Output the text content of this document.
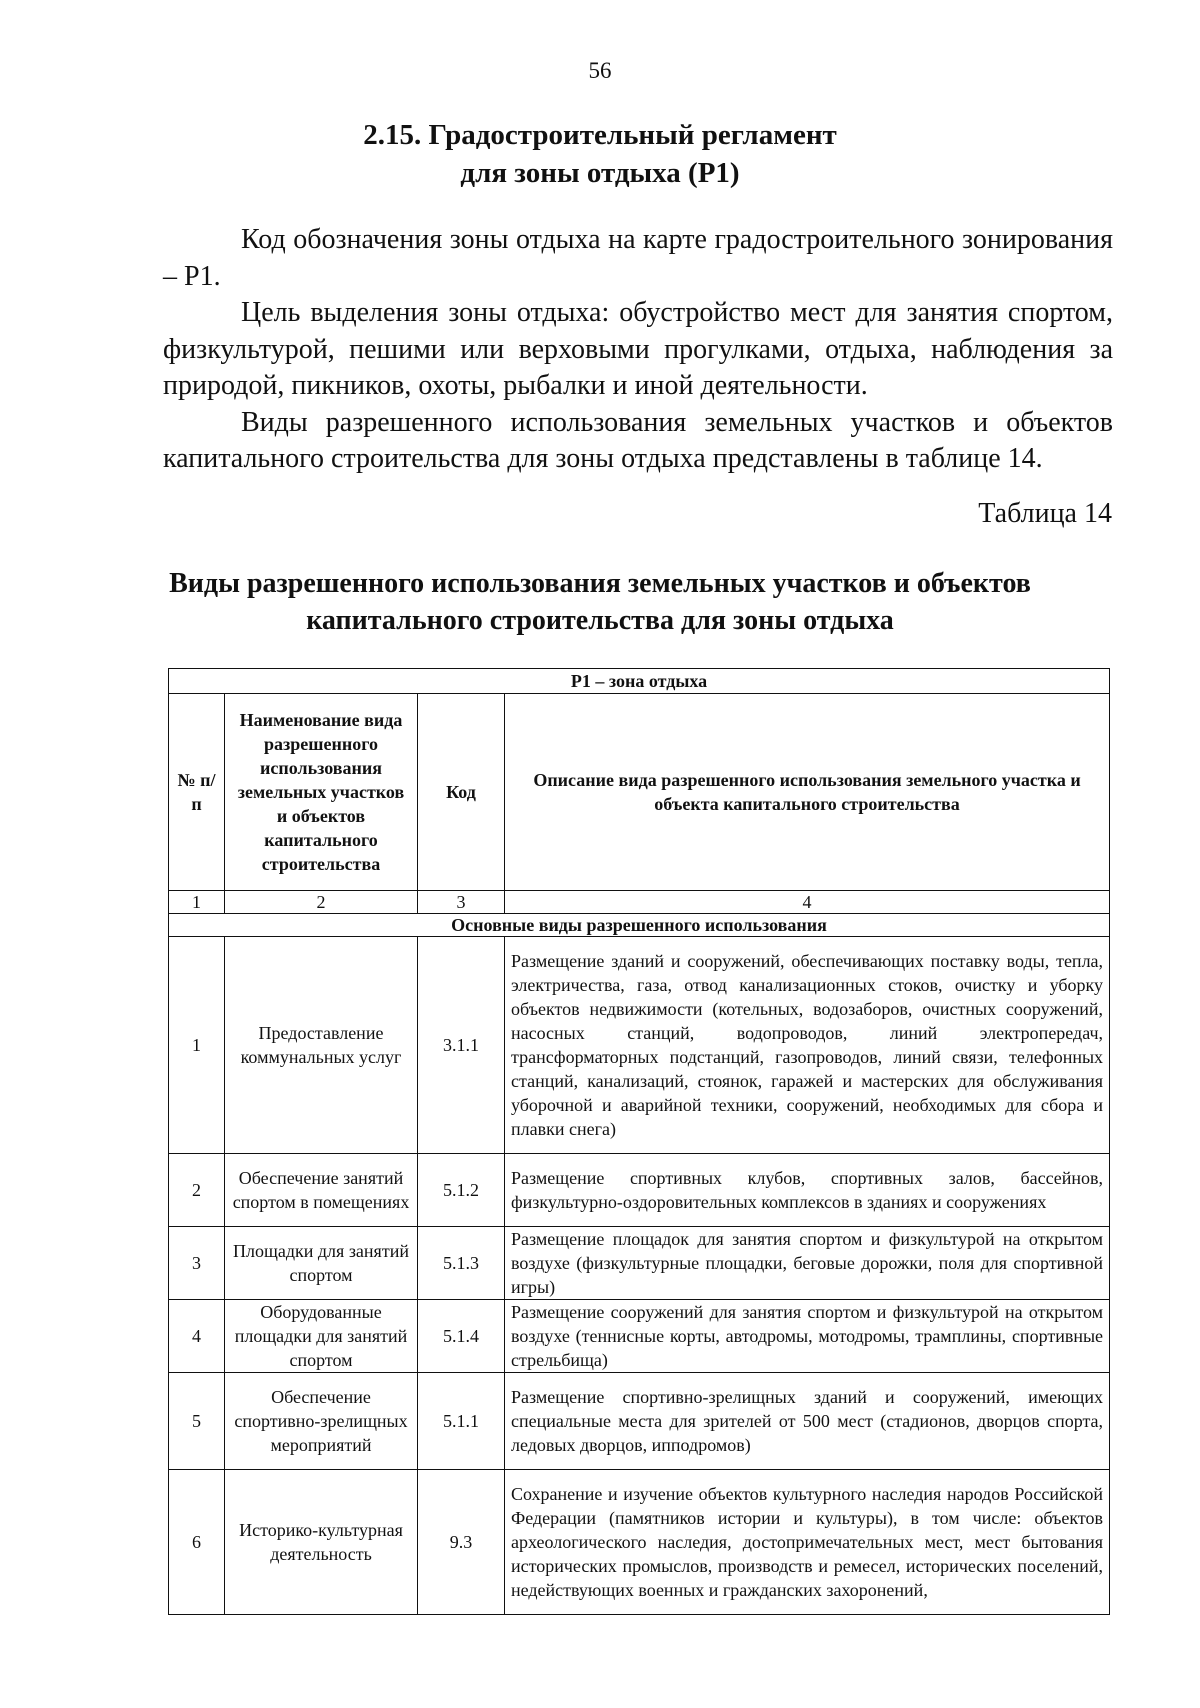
56
2.15. Градостроительный регламент
для зоны отдыха (Р1)

Код обозначения зоны отдыха на карте градостроительного зонирования – Р1.

Цель выделения зоны отдыха: обустройство мест для занятия спортом, физкультурой, пешими или верховыми прогулками, отдыха, наблюдения за природой, пикников, охоты, рыбалки и иной деятельности.

Виды разрешенного использования земельных участков и объектов капитального строительства для зоны отдыха представлены в таблице 14.

Таблица 14
Виды разрешенного использования земельных участков и объектов
капитального строительства для зоны отдыха
Р1 – зона отдыха			
№ п/п	Наименование вида разрешенного использования земельных участков и объектов капитального строительства	Код	Описание вида разрешенного использования земельного участка и объекта капитального строительства
1	2	3	4
Основные виды разрешенного использования			
1	Предоставление коммунальных услуг	3.1.1	Размещение зданий и сооружений, обеспечивающих поставку воды, тепла, электричества, газа, отвод канализационных стоков, очистку и уборку объектов недвижимости (котельных, водозаборов, очистных сооружений, насосных станций, водопроводов, линий электропередач, трансформаторных подстанций, газопроводов, линий связи, телефонных станций, канализаций, стоянок, гаражей и мастерских для обслуживания уборочной и аварийной техники, сооружений, необходимых для сбора и плавки снега)
2	Обеспечение занятий спортом в помещениях	5.1.2	Размещение спортивных клубов, спортивных залов, бассейнов, физкультурно-оздоровительных комплексов в зданиях и сооружениях
3	Площадки для занятий спортом	5.1.3	Размещение площадок для занятия спортом и физкультурой на открытом воздухе (физкультурные площадки, беговые дорожки, поля для спортивной игры)
4	Оборудованные площадки для занятий спортом	5.1.4	Размещение сооружений для занятия спортом и физкультурой на открытом воздухе (теннисные корты, автодромы, мотодромы, трамплины, спортивные стрельбища)
5	Обеспечение спортивно-зрелищных мероприятий	5.1.1	Размещение спортивно-зрелищных зданий и сооружений, имеющих специальные места для зрителей от 500 мест (стадионов, дворцов спорта, ледовых дворцов, ипподромов)
6	Историко-культурная деятельность	9.3	Сохранение и изучение объектов культурного наследия народов Российской Федерации (памятников истории и культуры), в том числе: объектов археологического наследия, достопримечательных мест, мест бытования исторических промыслов, производств и ремесел, исторических поселений, недействующих военных и гражданских захоронений,
